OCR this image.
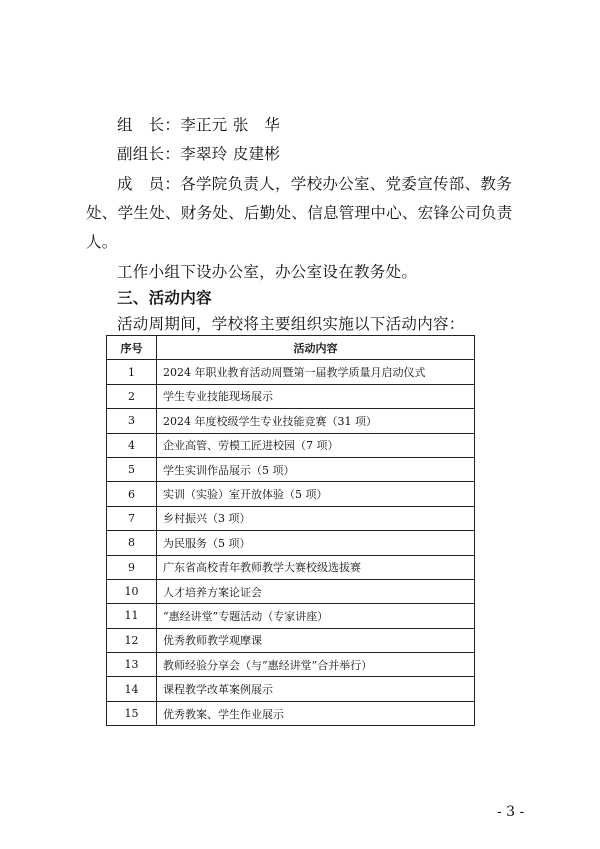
组　长：李正元 张　华
副组长：李翠玲 皮建彬
成　员：各学院负责人，学校办公室、党委宣传部、教务
处、学生处、财务处、后勤处、信息管理中心、宏锋公司负责
人。
工作小组下设办公室，办公室设在教务处。
三、活动内容
活动周期间，学校将主要组织实施以下活动内容：
序号	活动内容
1	2024 年职业教育活动周暨第一届教学质量月启动仪式
2	学生专业技能现场展示
3	2024 年度校级学生专业技能竞赛（31 项）
4	企业高管、劳模工匠进校园（7 项）
5	学生实训作品展示（5 项）
6	实训（实验）室开放体验（5 项）
7	乡村振兴（3 项）
8	为民服务（5 项）
9	广东省高校青年教师教学大赛校级选拔赛
10	人才培养方案论证会
11	“惠经讲堂”专题活动（专家讲座）
12	优秀教师教学观摩课
13	教师经验分享会（与“惠经讲堂”合并举行）
14	课程教学改革案例展示
15	优秀教案、学生作业展示
- 3 -
